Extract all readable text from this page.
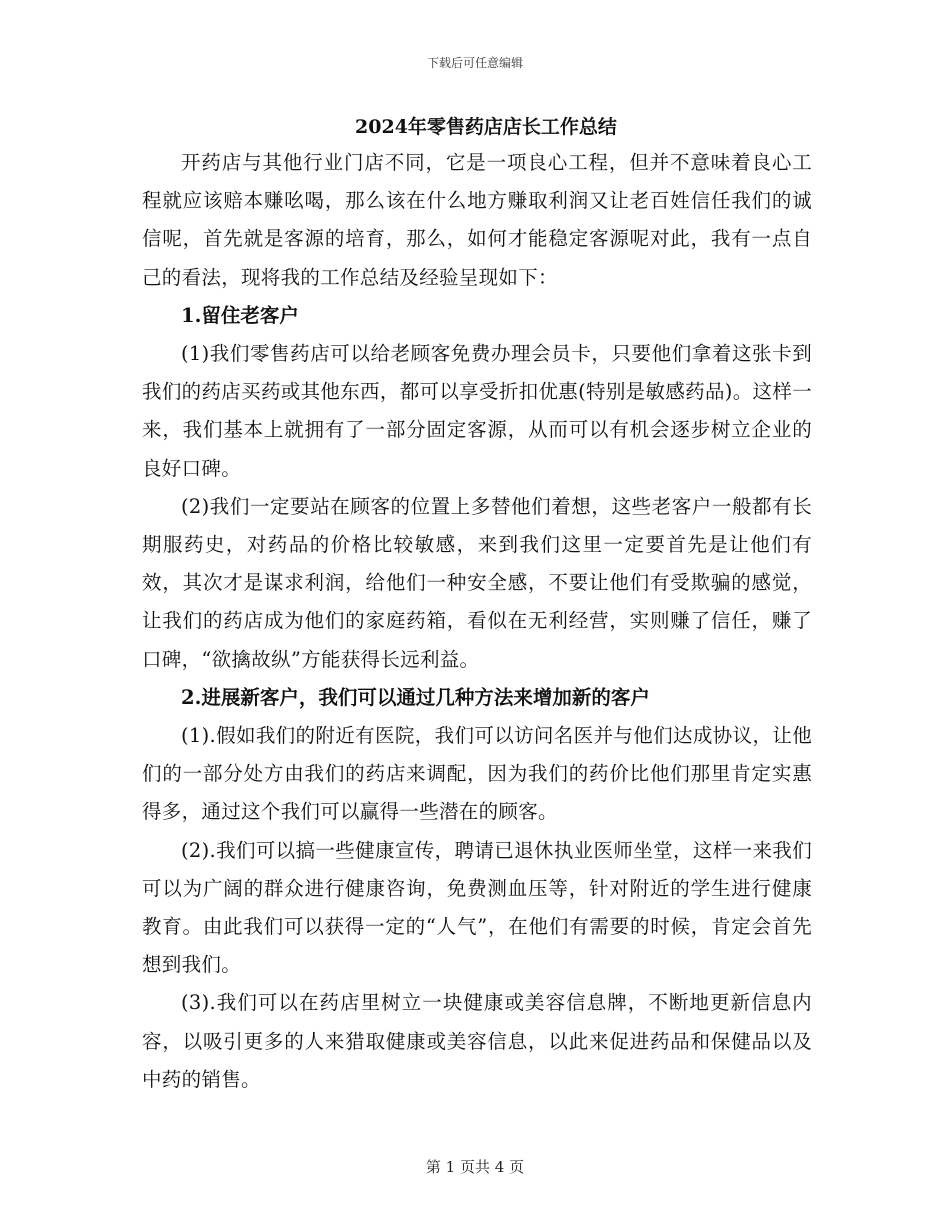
下载后可任意编辑

2024年零售药店店长工作总结

开药店与其他行业门店不同，它是一项良心工程，但并不意味着良心工程就应该赔本赚吆喝，那么该在什么地方赚取利润又让老百姓信任我们的诚信呢，首先就是客源的培育，那么，如何才能稳定客源呢对此，我有一点自己的看法，现将我的工作总结及经验呈现如下：

1.留住老客户

(1)我们零售药店可以给老顾客免费办理会员卡，只要他们拿着这张卡到我们的药店买药或其他东西，都可以享受折扣优惠(特别是敏感药品)。这样一来，我们基本上就拥有了一部分固定客源，从而可以有机会逐步树立企业的良好口碑。

(2)我们一定要站在顾客的位置上多替他们着想，这些老客户一般都有长期服药史，对药品的价格比较敏感，来到我们这里一定要首先是让他们有效，其次才是谋求利润，给他们一种安全感，不要让他们有受欺骗的感觉，让我们的药店成为他们的家庭药箱，看似在无利经营，实则赚了信任，赚了口碑，“欲擒故纵”方能获得长远利益。

2.进展新客户，我们可以通过几种方法来增加新的客户

(1).假如我们的附近有医院，我们可以访问名医并与他们达成协议，让他们的一部分处方由我们的药店来调配，因为我们的药价比他们那里肯定实惠得多，通过这个我们可以赢得一些潜在的顾客。

(2).我们可以搞一些健康宣传，聘请已退休执业医师坐堂，这样一来我们可以为广阔的群众进行健康咨询，免费测血压等，针对附近的学生进行健康教育。由此我们可以获得一定的“人气”，在他们有需要的时候，肯定会首先想到我们。

(3).我们可以在药店里树立一块健康或美容信息牌，不断地更新信息内容，以吸引更多的人来猎取健康或美容信息，以此来促进药品和保健品以及中药的销售。

第 1 页共 4 页
